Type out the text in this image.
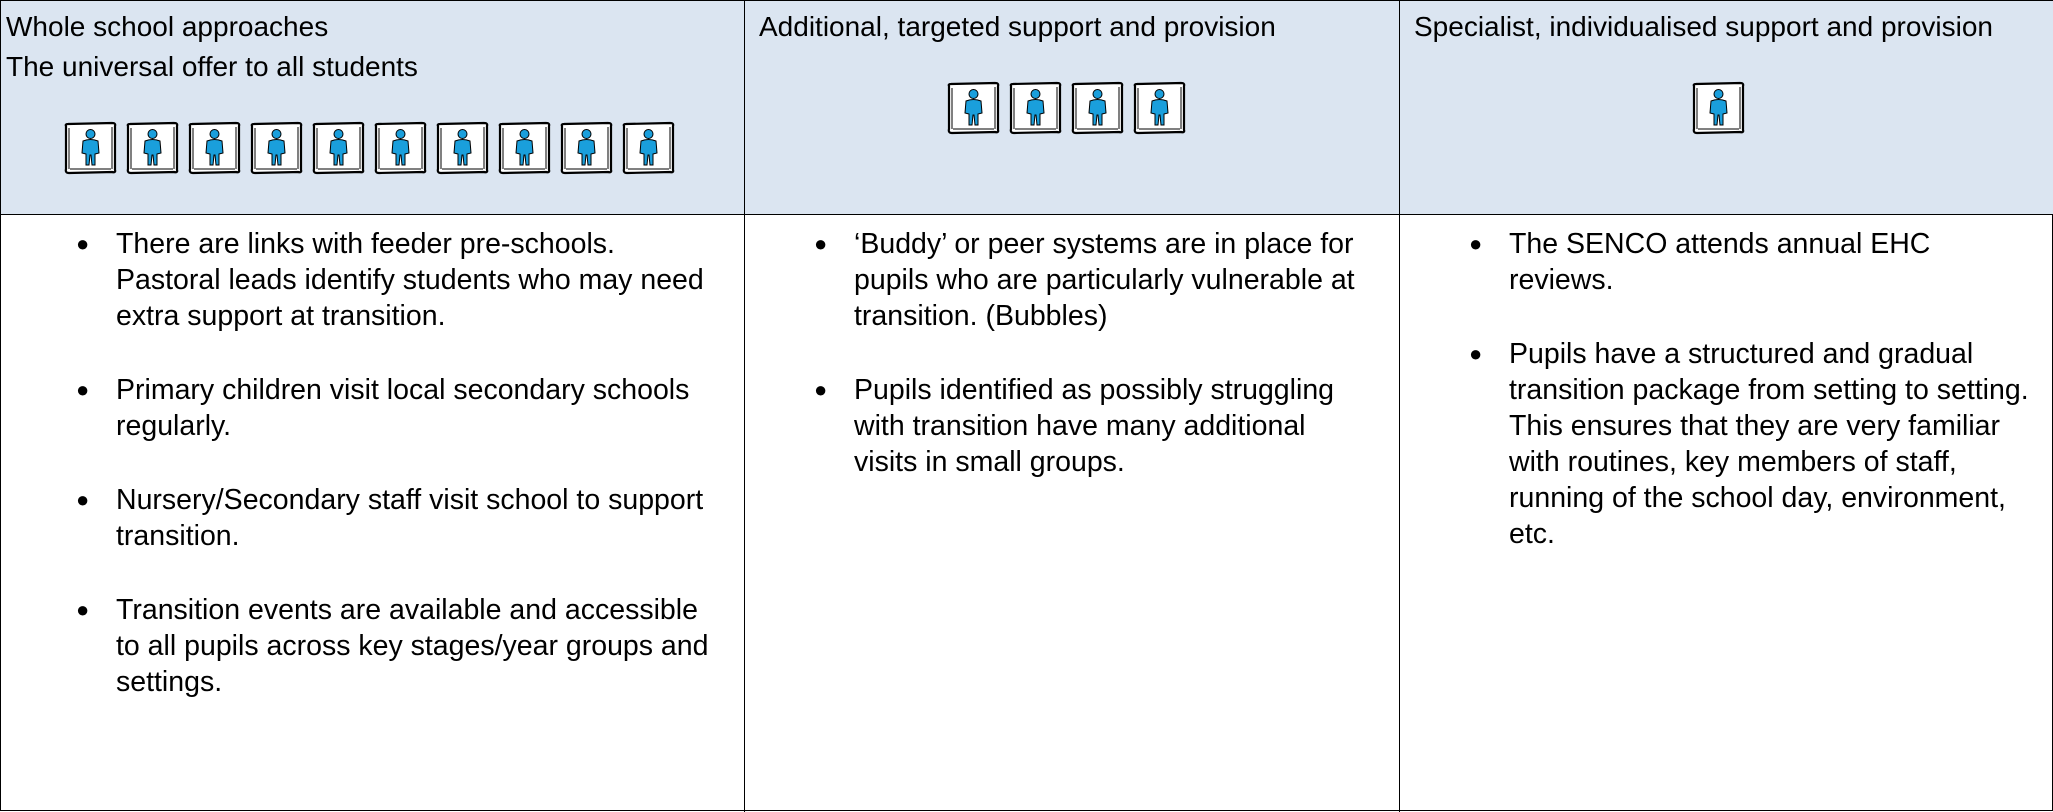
Whole school approaches
The universal offer to all students
● There are links with feeder pre-schools. Pastoral leads identify students who may need extra support at transition.
● Primary children visit local secondary schools regularly.
● Nursery/Secondary staff visit school to support transition.
● Transition events are available and accessible to all pupils across key stages/year groups and settings.
Additional, targeted support and provision
● ‘Buddy’ or peer systems are in place for pupils who are particularly vulnerable at transition. (Bubbles)
● Pupils identified as possibly struggling with transition have many additional visits in small groups.
Specialist, individualised support and provision
● The SENCO attends annual EHC reviews.
● Pupils have a structured and gradual transition package from setting to setting. This ensures that they are very familiar with routines, key members of staff, running of the school day, environment, etc.
